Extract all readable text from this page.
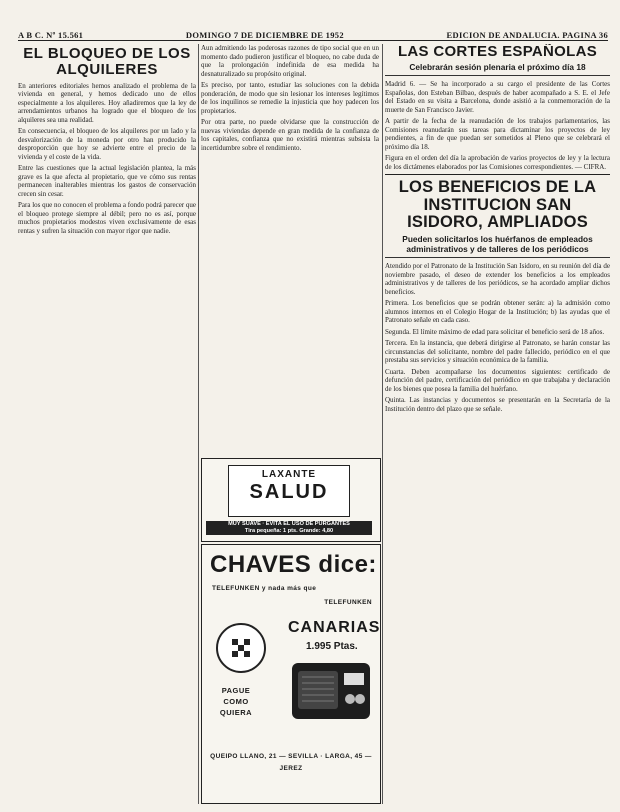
A B C. Nº 15.561	DOMINGO 7 DE DICIEMBRE DE 1952	EDICION DE ANDALUCIA. PAGINA 36
EL BLOQUEO DE LOS ALQUILERES

En anteriores editoriales hemos analizado el problema de la vivienda en general, y hemos dedicado uno de ellos especialmente a los alquileres. Hoy añadiremos que la ley de arrendamientos urbanos ha logrado que el bloqueo de los alquileres sea una realidad.

En consecuencia, el bloqueo de los alquileres por un lado y la desvalorización de la moneda por otro han producido la desproporción que hoy se advierte entre el precio de la vivienda y el coste de la vida.

Entre las cuestiones que la actual legislación plantea, la más grave es la que afecta al propietario, que ve cómo sus rentas permanecen inalterables mientras los gastos de conservación crecen sin cesar.

Para los que no conocen el problema a fondo podrá parecer que el bloqueo protege siempre al débil; pero no es así, porque muchos propietarios modestos viven exclusivamente de esas rentas y sufren la situación con mayor rigor que nadie.

Aun admitiendo las poderosas razones de tipo social que en un momento dado pudieron justificar el bloqueo, no cabe duda de que la prolongación indefinida de esa medida ha desnaturalizado su propósito original.

Es preciso, por tanto, estudiar las soluciones con la debida ponderación, de modo que sin lesionar los intereses legítimos de los inquilinos se remedie la injusticia que hoy padecen los propietarios.

Por otra parte, no puede olvidarse que la construcción de nuevas viviendas depende en gran medida de la confianza de los capitales, confianza que no existirá mientras subsista la incertidumbre sobre el rendimiento.

LAXANTE
SALUD
MUY SUAVE · EVITA EL USO DE PURGANTES
Tira pequeña: 1 pts. Grande: 4,80
CHAVES dice:
TELEFUNKEN y nada más que
TELEFUNKEN
CANARIAS
1.995 Ptas.
PAGUE COMO QUIERA
QUEIPO LLANO, 21 — SEVILLA · LARGA, 45 — JEREZ
LAS CORTES ESPAÑOLAS
Celebrarán sesión plenaria el próximo día 18

Madrid 6. — Se ha incorporado a su cargo el presidente de las Cortes Españolas, don Esteban Bilbao, después de haber acompañado a S. E. el Jefe del Estado en su visita a Barcelona, donde asistió a la conmemoración de la muerte de San Francisco Javier.

A partir de la fecha de la reanudación de los trabajos parlamentarios, las Comisiones reanudarán sus tareas para dictaminar los proyectos de ley pendientes, a fin de que puedan ser sometidos al Pleno que se celebrará el próximo día 18.

Figura en el orden del día la aprobación de varios proyectos de ley y la lectura de los dictámenes elaborados por las Comisiones correspondientes. — CIFRA.

LOS BENEFICIOS DE LA INSTITUCION SAN ISIDORO, AMPLIADOS
Pueden solicitarlos los huérfanos de empleados administrativos y de talleres de los periódicos

Atendido por el Patronato de la Institución San Isidoro, en su reunión del día de noviembre pasado, el deseo de extender los beneficios a los empleados administrativos y de talleres de los periódicos, se ha acordado ampliar dichos beneficios.

Primera. Los beneficios que se podrán obtener serán: a) la admisión como alumnos internos en el Colegio Hogar de la Institución; b) las ayudas que el Patronato señale en cada caso.

Segunda. El límite máximo de edad para solicitar el beneficio será de 18 años.

Tercera. En la instancia, que deberá dirigirse al Patronato, se harán constar las circunstancias del solicitante, nombre del padre fallecido, periódico en el que prestaba sus servicios y situación económica de la familia.

Cuarta. Deben acompañarse los documentos siguientes: certificado de defunción del padre, certificación del periódico en que trabajaba y declaración de los bienes que posea la familia del huérfano.

Quinta. Las instancias y documentos se presentarán en la Secretaría de la Institución dentro del plazo que se señale.
